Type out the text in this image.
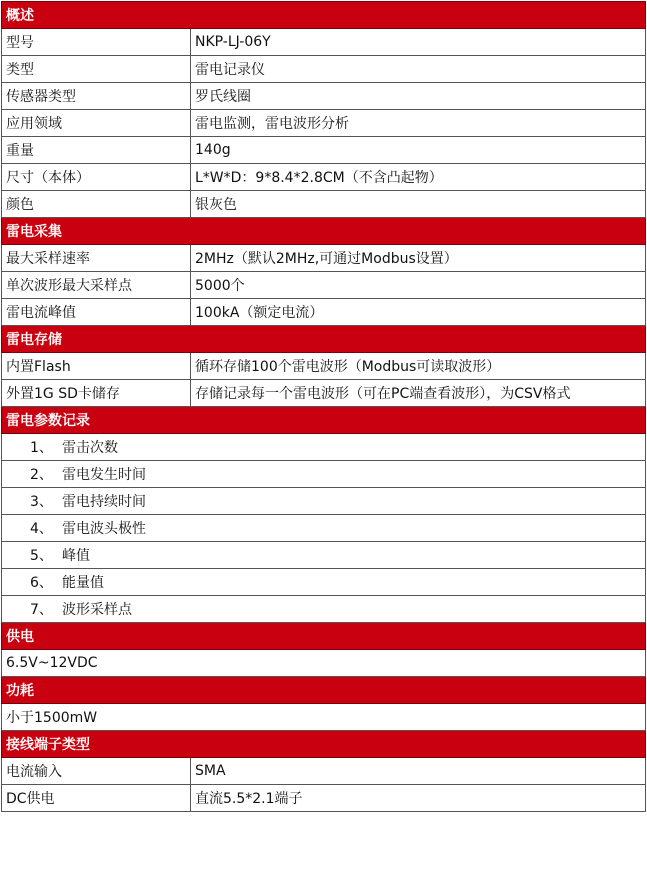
概述	
型号	NKP-LJ-06Y
类型	雷电记录仪
传感器类型	罗氏线圈
应用领域	雷电监测，雷电波形分析
重量	140g
尺寸（本体）	L*W*D：9*8.4*2.8CM（不含凸起物）
颜色	银灰色
雷电采集	
最大采样速率	2MHz（默认2MHz,可通过Modbus设置）
单次波形最大采样点	5000个
雷电流峰值	100kA（额定电流）
雷电存储	
内置Flash	循环存储100个雷电波形（Modbus可读取波形）
外置1G SD卡储存	存储记录每一个雷电波形（可在PC端查看波形），为CSV格式
雷电参数记录	
1、 雷击次数	
2、 雷电发生时间	
3、 雷电持续时间	
4、 雷电波头极性	
5、 峰值	
6、 能量值	
7、 波形采样点	
供电	
6.5V~12VDC	
功耗	
小于1500mW	
接线端子类型	
电流输入	SMA
DC供电	直流5.5*2.1端子
